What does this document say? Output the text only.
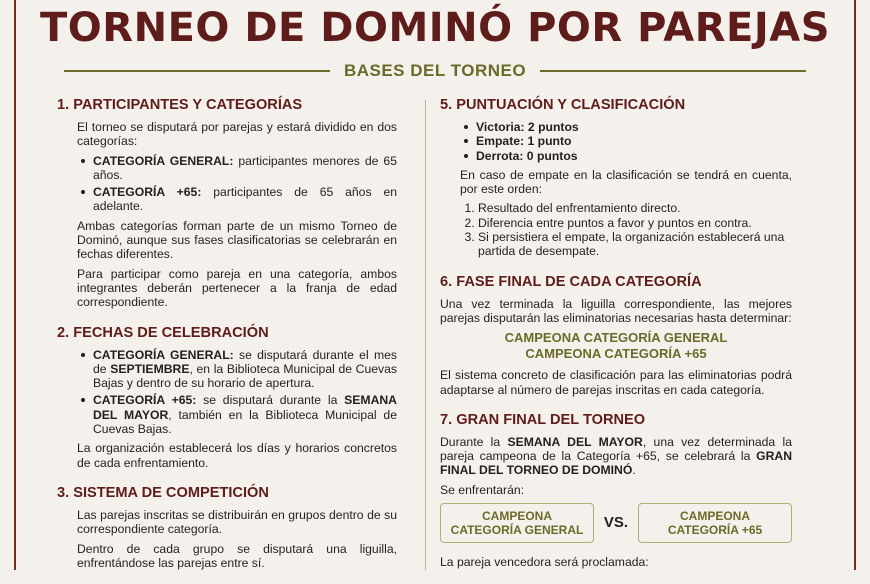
TORNEO DE DOMINÓ POR PAREJAS
BASES DEL TORNEO
1. PARTICIPANTES Y CATEGORÍAS

El torneo se disputará por parejas y estará dividido en dos categorías:

CATEGORÍA GENERAL: participantes menores de 65 años.
CATEGORÍA +65: participantes de 65 años en adelante.

Ambas categorías forman parte de un mismo Torneo de Dominó, aunque sus fases clasificatorias se celebrarán en fechas diferentes.

Para participar como pareja en una categoría, ambos integrantes deberán pertenecer a la franja de edad correspondiente.

2. FECHAS DE CELEBRACIÓN
CATEGORÍA GENERAL: se disputará durante el mes de SEPTIEMBRE, en la Biblioteca Municipal de Cuevas Bajas y dentro de su horario de apertura.
CATEGORÍA +65: se disputará durante la SEMANA DEL MAYOR, también en la Biblioteca Municipal de Cuevas Bajas.

La organización establecerá los días y horarios concretos de cada enfrentamiento.

3. SISTEMA DE COMPETICIÓN

Las parejas inscritas se distribuirán en grupos dentro de su correspondiente categoría.

Dentro de cada grupo se disputará una liguilla, enfrentándose las parejas entre sí.

5. PUNTUACIÓN Y CLASIFICACIÓN
Victoria: 2 puntos
Empate: 1 punto
Derrota: 0 puntos

En caso de empate en la clasificación se tendrá en cuenta, por este orden:

1. Resultado del enfrentamiento directo.
2. Diferencia entre puntos a favor y puntos en contra.
3. Si persistiera el empate, la organización establecerá una partida de desempate.
6. FASE FINAL DE CADA CATEGORÍA

Una vez terminada la liguilla correspondiente, las mejores parejas disputarán las eliminatorias necesarias hasta determinar:

CAMPEONA CATEGORÍA GENERAL
CAMPEONA CATEGORÍA +65

El sistema concreto de clasificación para las eliminatorias podrá adaptarse al número de parejas inscritas en cada categoría.

7. GRAN FINAL DEL TORNEO

Durante la SEMANA DEL MAYOR, una vez determinada la pareja campeona de la Categoría +65, se celebrará la GRAN FINAL DEL TORNEO DE DOMINÓ.

Se enfrentarán:

CAMPEONA
CATEGORÍA GENERAL VS.	CAMPEONA
CATEGORÍA +65

La pareja vencedora será proclamada:
